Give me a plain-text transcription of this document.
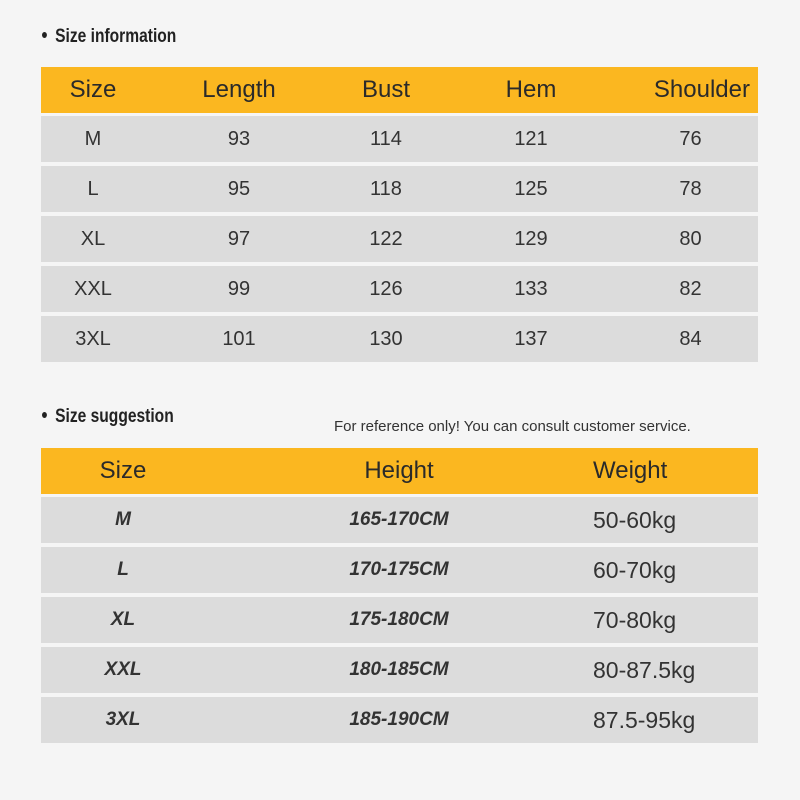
Size information
Size	Length	Bust	Hem	Shoulder
M	93	114	121	76
L	95	118	125	78
XL	97	122	129	80
XXL	99	126	133	82
3XL	101	130	137	84
Size suggestion	For reference only! You can consult customer service.
Size	Height	Weight
M	165-170CM	50-60kg
L	170-175CM	60-70kg
XL	175-180CM	70-80kg
XXL	180-185CM	80-87.5kg
3XL	185-190CM	87.5-95kg
